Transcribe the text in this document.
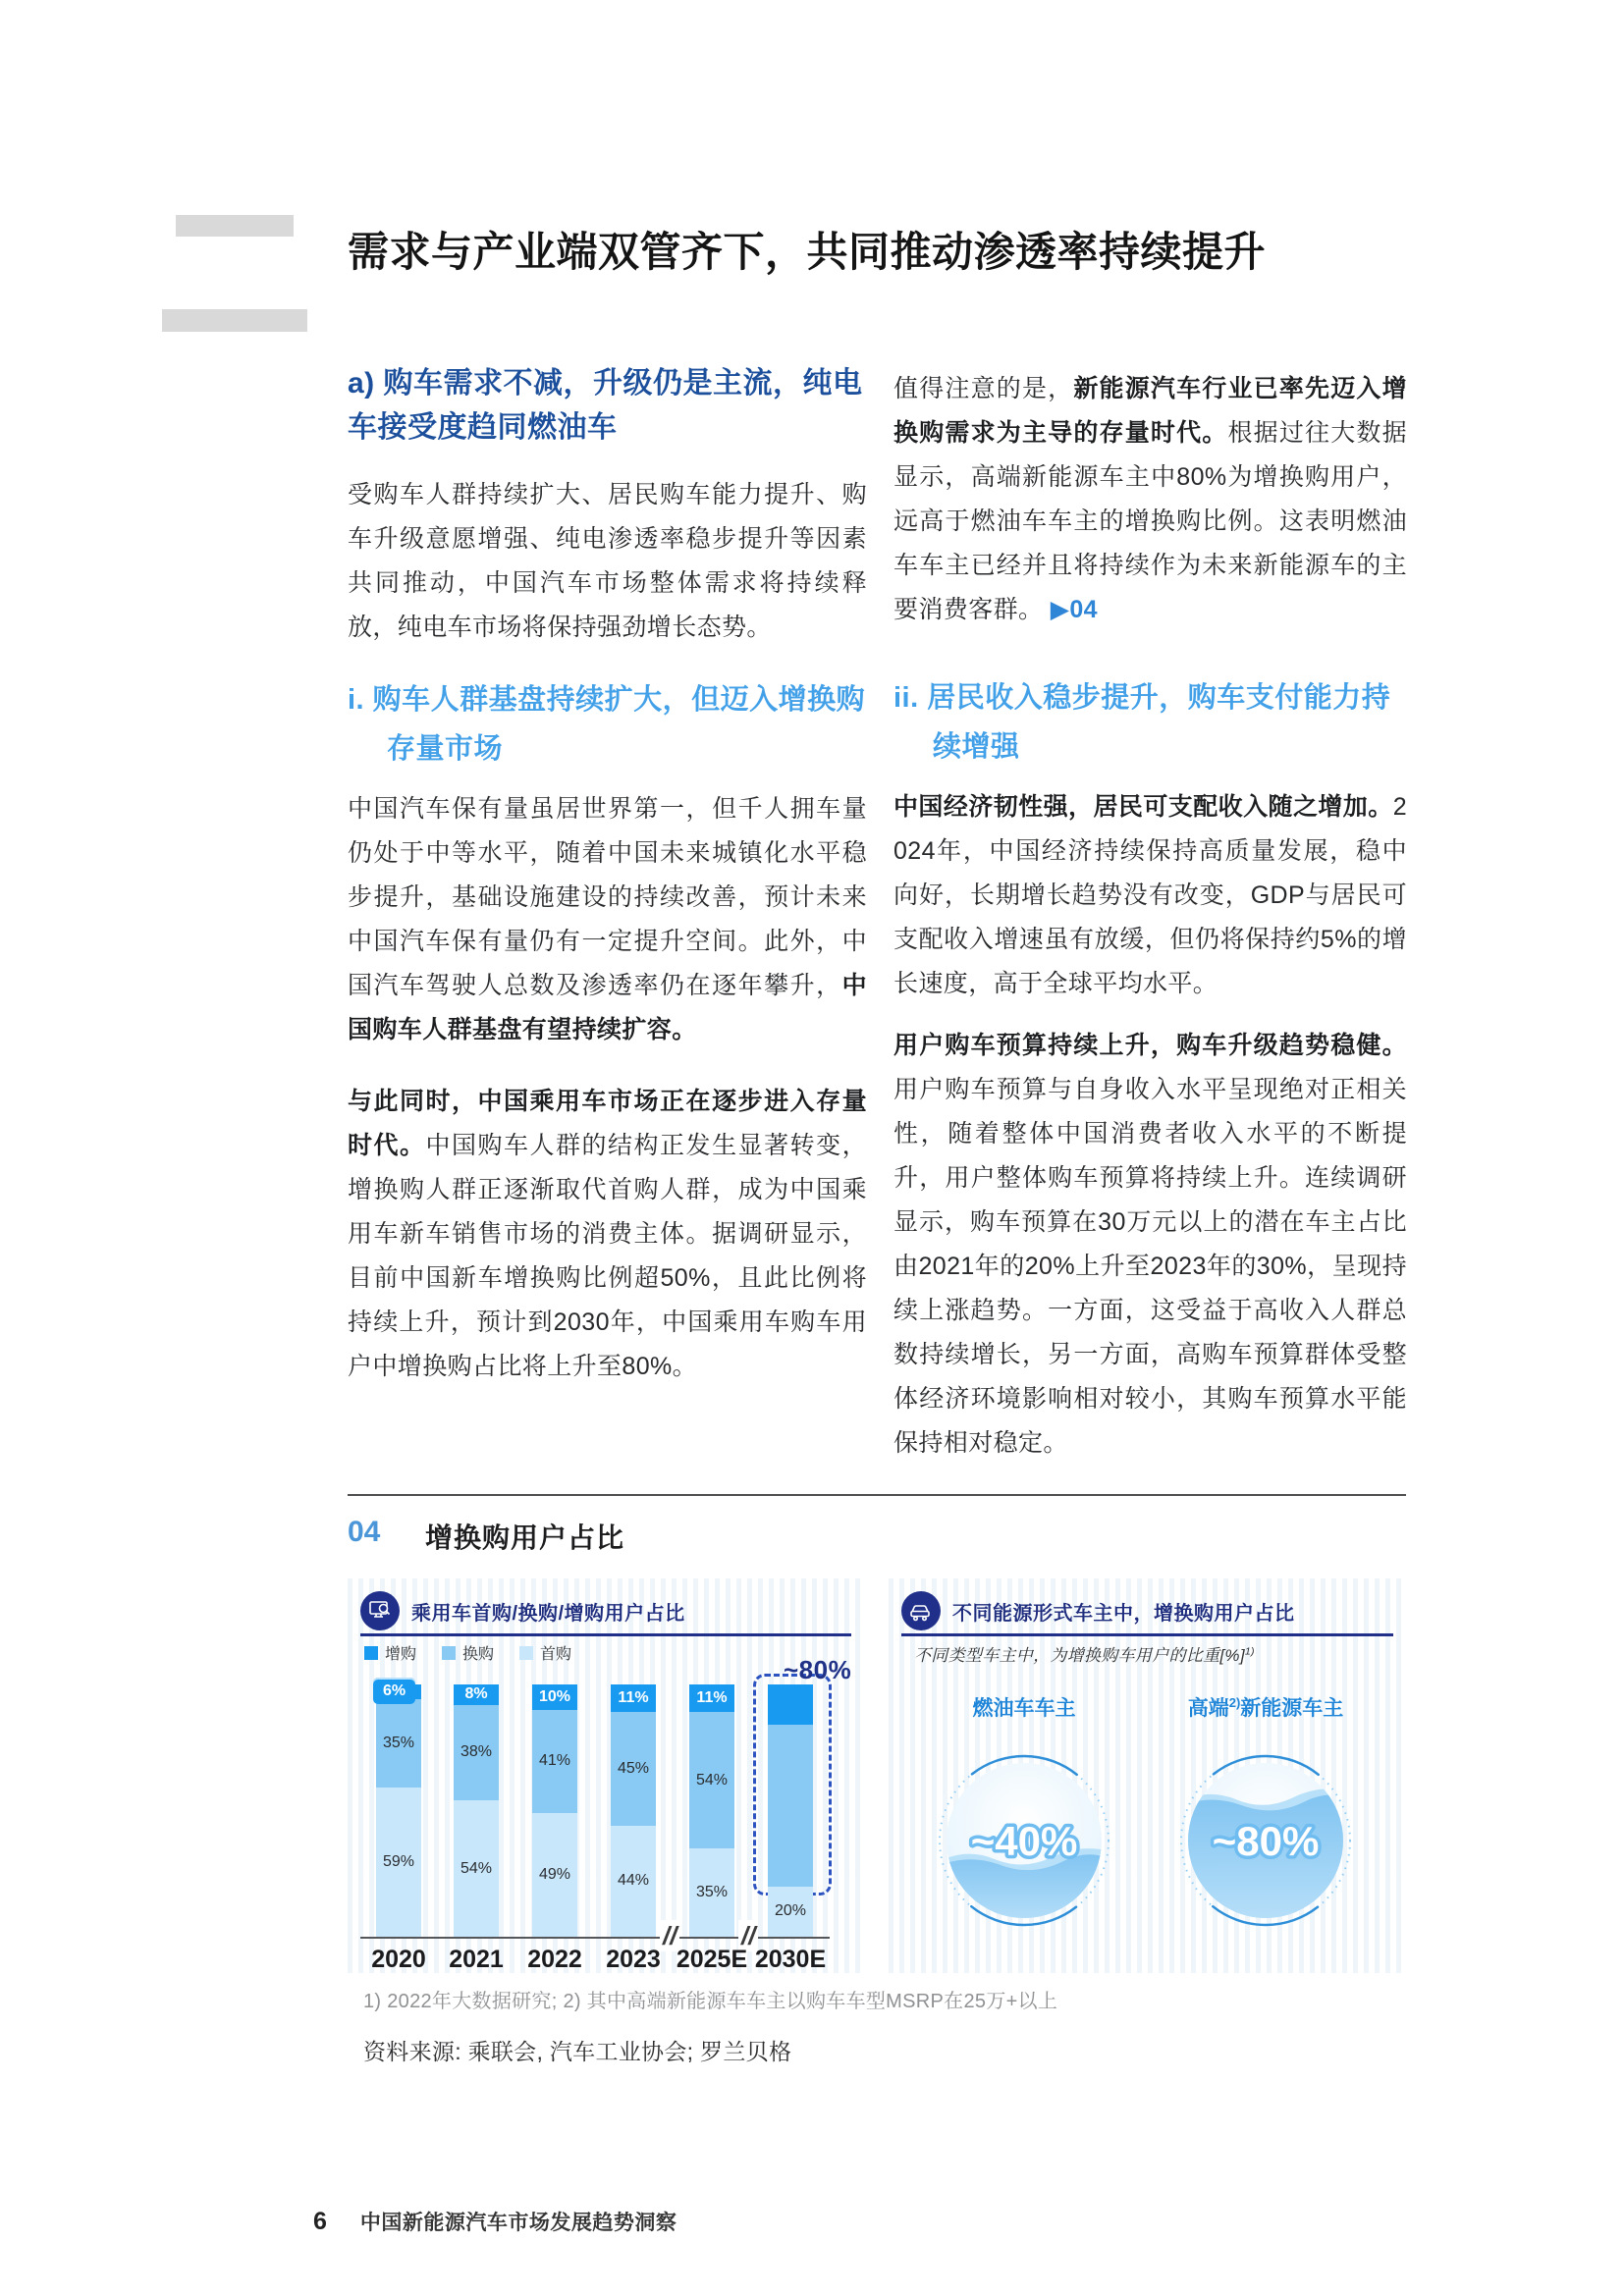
需求与产业端双管齐下，共同推动渗透率持续提升
a) 购车需求不减，升级仍是主流，纯电车接受度趋同燃油车

受购车人群持续扩大、居民购车能力提升、购车升级意愿增强、纯电渗透率稳步提升等因素共同推动，中国汽车市场整体需求将持续释放，纯电车市场将保持强劲增长态势。

i. 购车人群基盘持续扩大，但迈入增换购存量市场

中国汽车保有量虽居世界第一，但千人拥车量仍处于中等水平，随着中国未来城镇化水平稳步提升，基础设施建设的持续改善，预计未来中国汽车保有量仍有一定提升空间。此外，中国汽车驾驶人总数及渗透率仍在逐年攀升，中国购车人群基盘有望持续扩容。

与此同时，中国乘用车市场正在逐步进入存量时代。中国购车人群的结构正发生显著转变，增换购人群正逐渐取代首购人群，成为中国乘用车新车销售市场的消费主体。据调研显示，目前中国新车增换购比例超50%，且此比例将持续上升，预计到2030年，中国乘用车购车用户中增换购占比将上升至80%。

值得注意的是，新能源汽车行业已率先迈入增换购需求为主导的存量时代。根据过往大数据显示，高端新能源车主中80%为增换购用户，远高于燃油车车主的增换购比例。这表明燃油车车主已经并且将持续作为未来新能源车的主要消费客群。 ▶04

ii. 居民收入稳步提升，购车支付能力持续增强

中国经济韧性强，居民可支配收入随之增加。2024年，中国经济持续保持高质量发展，稳中向好，长期增长趋势没有改变，GDP与居民可支配收入增速虽有放缓，但仍将保持约5%的增长速度，高于全球平均水平。

用户购车预算持续上升，购车升级趋势稳健。用户购车预算与自身收入水平呈现绝对正相关性，随着整体中国消费者收入水平的不断提升，用户整体购车预算将持续上升。连续调研显示，购车预算在30万元以上的潜在车主占比由2021年的20%上升至2023年的30%，呈现持续上涨趋势。一方面，这受益于高收入人群总数持续增长，另一方面，高购车预算群体受整体经济环境影响相对较小，其购车预算水平能保持相对稳定。

04 增换购用户占比
乘用车首购/换购/增购用户占比
增购	换购	首购
//	//
~80%
59%
35%
2020
54%
38%
8%
2021
49%
41%
10%
2022
44%
45%
11%
2023
35%
54%
11%
2025E
20%
2030E
6%
不同能源形式车主中，增换购用户占比
不同类型车主中，为增换购车用户的比重[%]$^{1)}$
燃油车车主	高端$^{2)}$新能源车主
~40%	~80%
1) 2022年大数据研究; 2) 其中高端新能源车车主以购车车型MSRP在25万+以上
资料来源: 乘联会, 汽车工业协会; 罗兰贝格
6 中国新能源汽车市场发展趋势洞察
